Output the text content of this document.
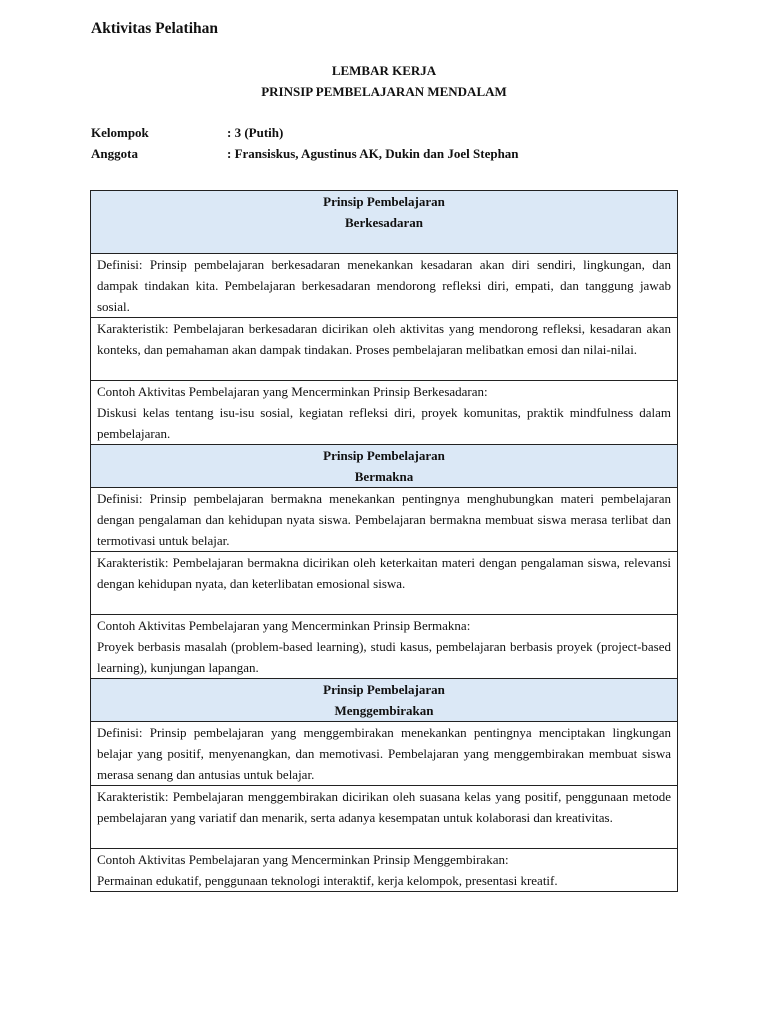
Aktivitas Pelatihan
LEMBAR KERJA
PRINSIP PEMBELAJARAN MENDALAM
Kelompok	: 3 (Putih)
Anggota	: Fransiskus, Agustinus AK, Dukin dan Joel Stephan
Prinsip Pembelajaran
Berkesadaran

Definisi: Prinsip pembelajaran berkesadaran menekankan kesadaran akan diri sendiri, lingkungan, dan dampak tindakan kita. Pembelajaran berkesadaran mendorong refleksi diri, empati, dan tanggung jawab sosial.
Karakteristik: Pembelajaran berkesadaran dicirikan oleh aktivitas yang mendorong refleksi, kesadaran akan konteks, dan pemahaman akan dampak tindakan. Proses pembelajaran melibatkan emosi dan nilai-nilai.

Contoh Aktivitas Pembelajaran yang Mencerminkan Prinsip Berkesadaran:
Diskusi kelas tentang isu-isu sosial, kegiatan refleksi diri, proyek komunitas, praktik mindfulness dalam pembelajaran.

Prinsip Pembelajaran
Bermakna

Definisi: Prinsip pembelajaran bermakna menekankan pentingnya menghubungkan materi pembelajaran dengan pengalaman dan kehidupan nyata siswa. Pembelajaran bermakna membuat siswa merasa terlibat dan termotivasi untuk belajar.
Karakteristik: Pembelajaran bermakna dicirikan oleh keterkaitan materi dengan pengalaman siswa, relevansi dengan kehidupan nyata, dan keterlibatan emosional siswa.

Contoh Aktivitas Pembelajaran yang Mencerminkan Prinsip Bermakna:
Proyek berbasis masalah (problem-based learning), studi kasus, pembelajaran berbasis proyek (project-based learning), kunjungan lapangan.

Prinsip Pembelajaran
Menggembirakan

Definisi: Prinsip pembelajaran yang menggembirakan menekankan pentingnya menciptakan lingkungan belajar yang positif, menyenangkan, dan memotivasi. Pembelajaran yang menggembirakan membuat siswa merasa senang dan antusias untuk belajar.
Karakteristik: Pembelajaran menggembirakan dicirikan oleh suasana kelas yang positif, penggunaan metode pembelajaran yang variatif dan menarik, serta adanya kesempatan untuk kolaborasi dan kreativitas.

Contoh Aktivitas Pembelajaran yang Mencerminkan Prinsip Menggembirakan:
Permainan edukatif, penggunaan teknologi interaktif, kerja kelompok, presentasi kreatif.
